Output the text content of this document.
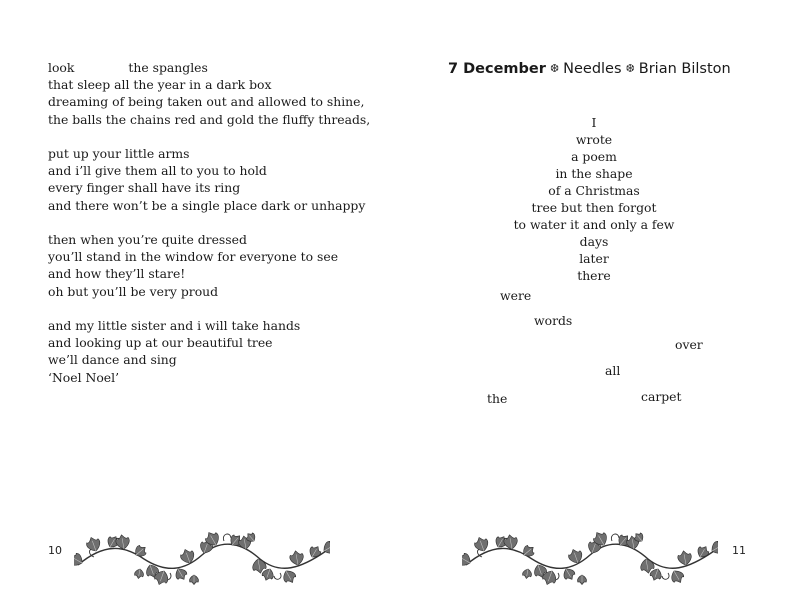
look	the spangles
that sleep all the year in a dark box
dreaming of being taken out and allowed to shine,
the balls the chains red and gold the fluffy threads,
put up your little arms
and i’ll give them all to you to hold
every finger shall have its ring
and there won’t be a single place dark or unhappy
then when you’re quite dressed
you’ll stand in the window for everyone to see
and how they’ll stare!
oh but you’ll be very proud
and my little sister and i will take hands
and looking up at our beautiful tree
we’ll dance and sing
‘Noel Noel’
10
7 December ❆ Needles ❆ Brian Bilston
I
wrote
a poem
in the shape
of a Christmas
tree but then forgot
to water it and only a few
days
later
there
were
words
over
all
the	carpet
11
